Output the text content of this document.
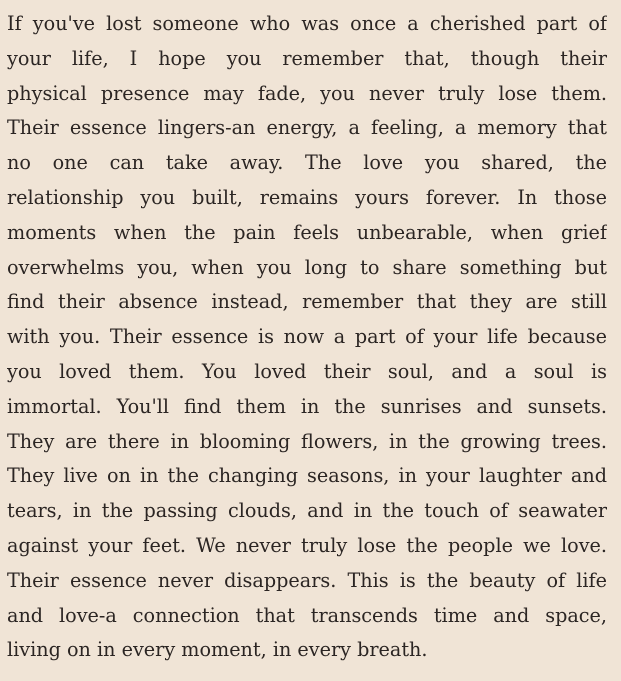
If you've lost someone who was once a cherished part of
your life, I hope you remember that, though their
physical presence may fade, you never truly lose them.
Their essence lingers-an energy, a feeling, a memory that
no one can take away. The love you shared, the
relationship you built, remains yours forever. In those
moments when the pain feels unbearable, when grief
overwhelms you, when you long to share something but
find their absence instead, remember that they are still
with you. Their essence is now a part of your life because
you loved them. You loved their soul, and a soul is
immortal. You'll find them in the sunrises and sunsets.
They are there in blooming flowers, in the growing trees.
They live on in the changing seasons, in your laughter and
tears, in the passing clouds, and in the touch of seawater
against your feet. We never truly lose the people we love.
Their essence never disappears. This is the beauty of life
and love-a connection that transcends time and space,
living on in every moment, in every breath.
